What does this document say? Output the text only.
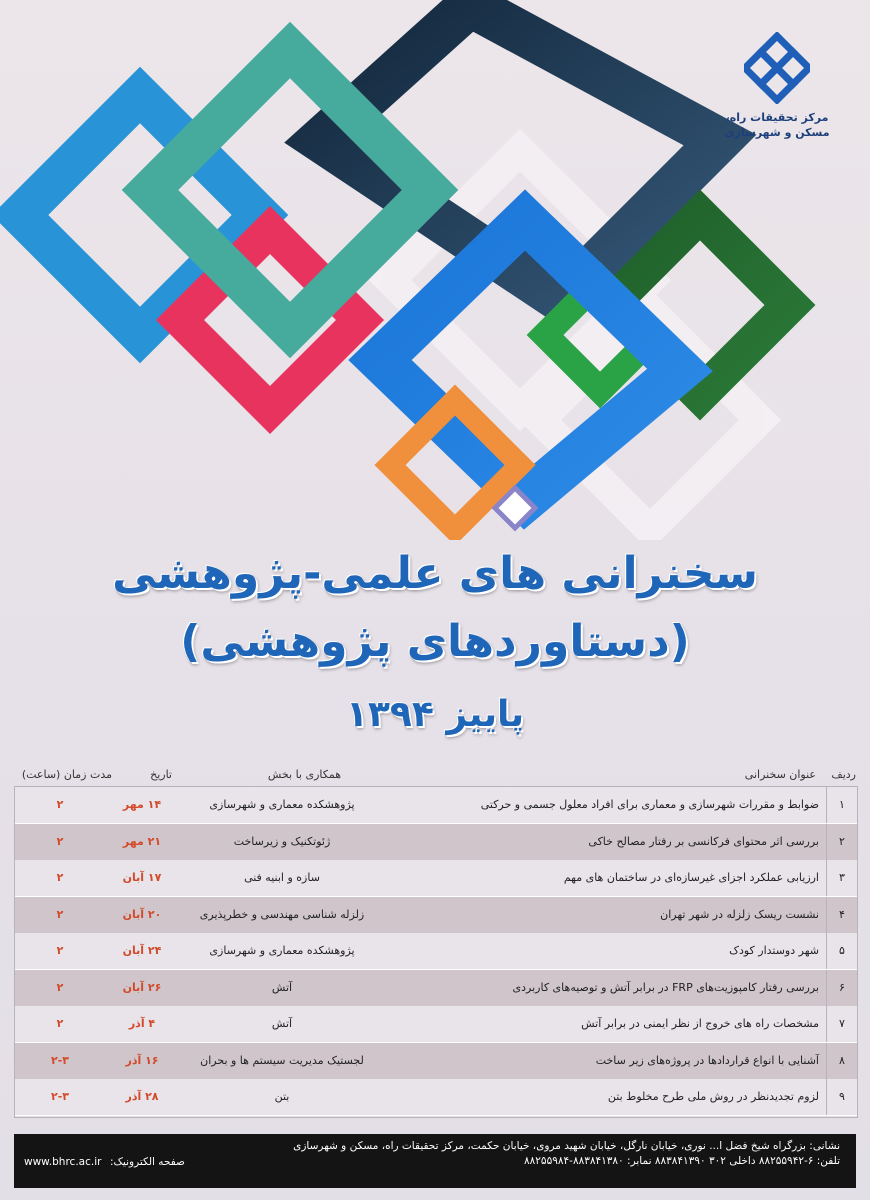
مرکز تحقیقات راه،
مسکن و شهرسازی
سخنرانی های علمی-پژوهشی
(دستاوردهای پژوهشی)
پاییز ۱۳۹۴
ردیف
عنوان سخنرانی
همکاری با بخش
تاریخ
مدت زمان (ساعت)
۱
ضوابط و مقررات شهرسازی و معماری برای افراد معلول جسمی و حرکتی
پژوهشکده معماری و شهرسازی
۱۴ مهر
۲
۲
بررسی اثر محتوای فرکانسی بر رفتار مصالح خاکی
ژئوتکنیک و زیرساخت
۲۱ مهر
۲
۳
ارزیابی عملکرد اجزای غیرسازه‌ای در ساختمان های مهم
سازه و ابنیه فنی
۱۷ آبان
۲
۴
نشست ریسک زلزله در شهر تهران
زلزله شناسی مهندسی و خطرپذیری
۲۰ آبان
۲
۵
شهر دوستدار کودک
پژوهشکده معماری و شهرسازی
۲۴ آبان
۲
۶
بررسی رفتار کامپوزیت‌های FRP در برابر آتش و توصیه‌های کاربردی
آتش
۲۶ آبان
۲
۷
مشخصات راه های خروج از نظر ایمنی در برابر آتش
آتش
۴ آذر
۲
۸
آشنایی با انواع قراردادها در پروژه‌های زیر ساخت
لجستیک مدیریت سیستم ها و بحران
۱۶ آذر
۲-۳
۹
لزوم تجدیدنظر در روش ملی طرح مخلوط بتن
بتن
۲۸ آذر
۲-۳
نشانی: بزرگراه شیخ فضل ا... نوری، خیابان نارگل، خیابان شهید مروی، خیابان حکمت، مرکز تحقیقات راه، مسکن و شهرسازی
تلفن: ۶-۸۸۲۵۵۹۴۲ داخلی ۳۰۲ ۸۸۳۸۴۱۳۹۰ نمابر: ۸۸۳۸۴۱۳۸۰-۸۸۲۵۵۹۸۴
صفحه الکترونیک:
www.bhrc.ac.ir
